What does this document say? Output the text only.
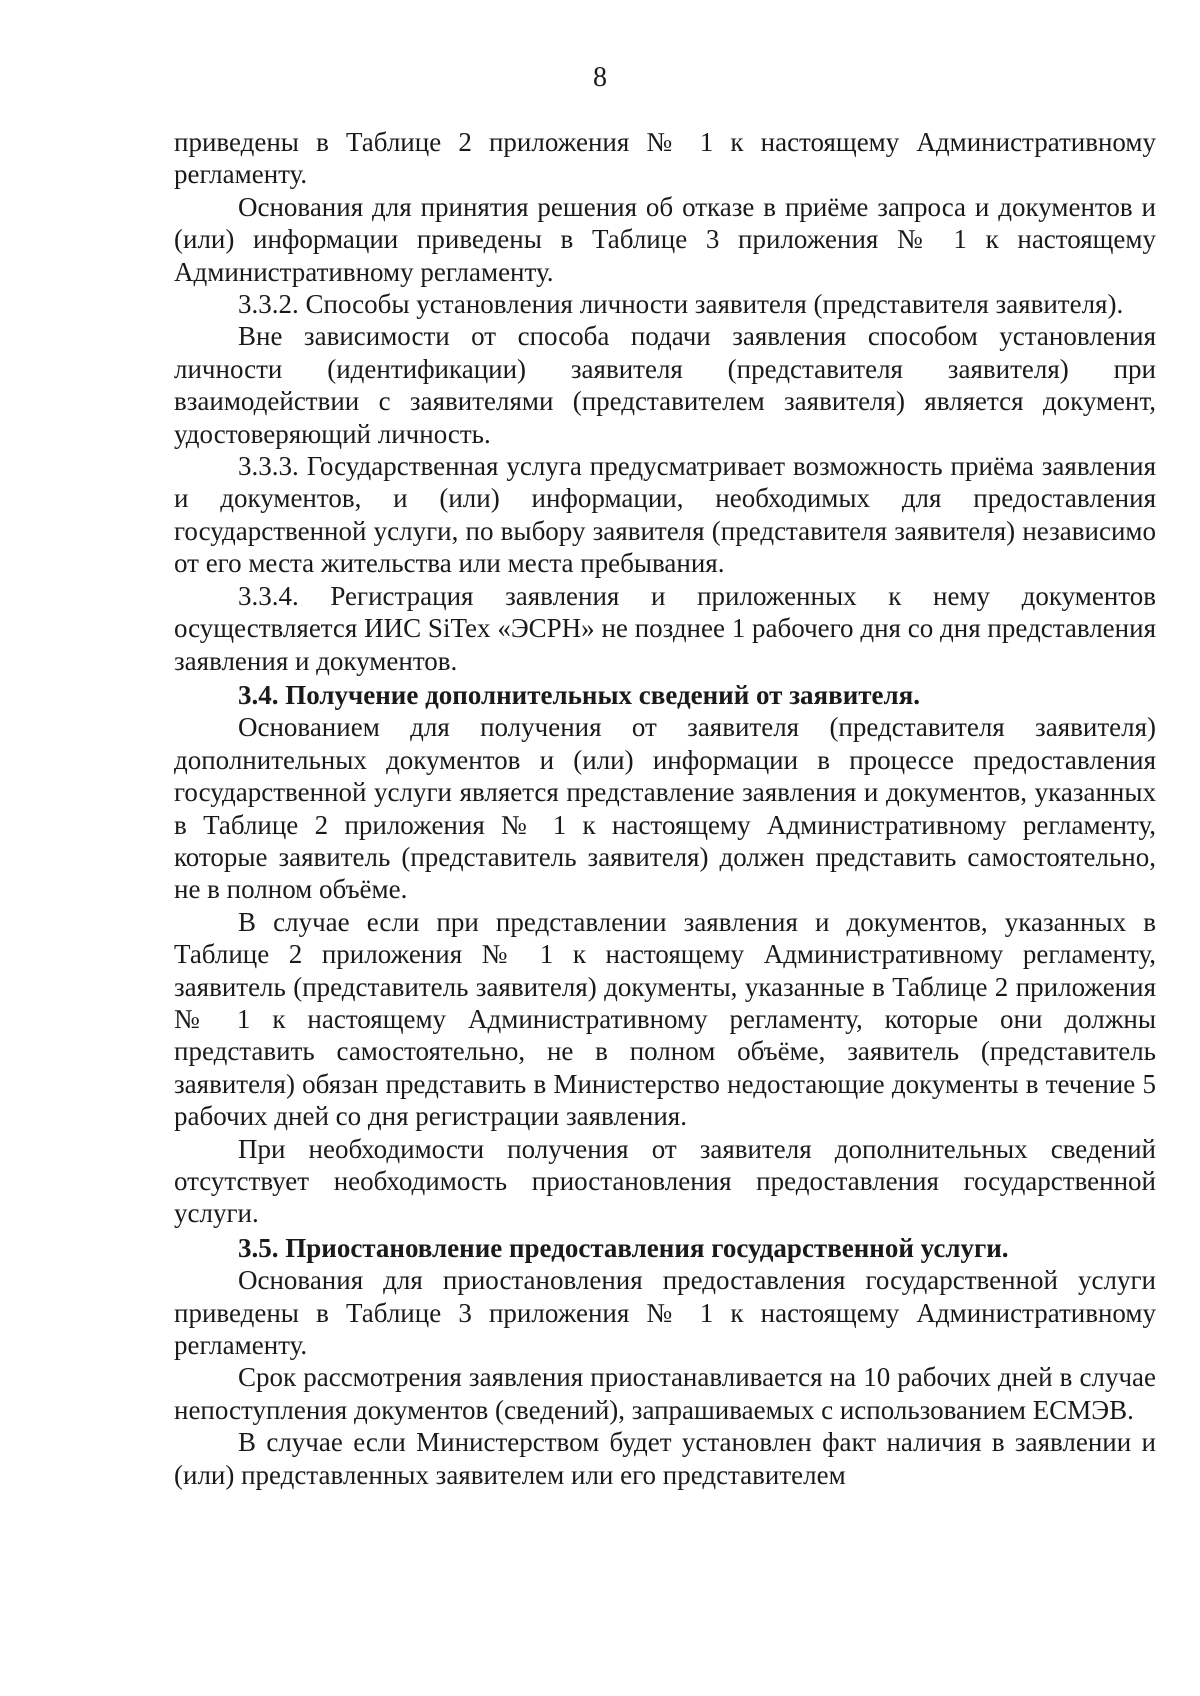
8

приведены в Таблице 2 приложения № 1 к настоящему Административному регламенту.

Основания для принятия решения об отказе в приёме запроса и документов и (или) информации приведены в Таблице 3 приложения № 1 к настоящему Административному регламенту.

3.3.2. Способы установления личности заявителя (представителя заявителя).

Вне зависимости от способа подачи заявления способом установления личности (идентификации) заявителя (представителя заявителя) при взаимодействии с заявителями (представителем заявителя) является документ, удостоверяющий личность.

3.3.3. Государственная услуга предусматривает возможность приёма заявления и документов, и (или) информации, необходимых для предоставления государственной услуги, по выбору заявителя (представителя заявителя) независимо от его места жительства или места пребывания.

3.3.4. Регистрация заявления и приложенных к нему документов осуществляется ИИС SiTex «ЭСРН» не позднее 1 рабочего дня со дня представления заявления и документов.

3.4. Получение дополнительных сведений от заявителя.

Основанием для получения от заявителя (представителя заявителя) дополнительных документов и (или) информации в процессе предоставления государственной услуги является представление заявления и документов, указанных в Таблице 2 приложения № 1 к настоящему Административному регламенту, которые заявитель (представитель заявителя) должен представить самостоятельно, не в полном объёме.

В случае если при представлении заявления и документов, указанных в Таблице 2 приложения № 1 к настоящему Административному регламенту, заявитель (представитель заявителя) документы, указанные в Таблице 2 приложения № 1 к настоящему Административному регламенту, которые они должны представить самостоятельно, не в полном объёме, заявитель (представитель заявителя) обязан представить в Министерство недостающие документы в течение 5 рабочих дней со дня регистрации заявления.

При необходимости получения от заявителя дополнительных сведений отсутствует необходимость приостановления предоставления государственной услуги.

3.5. Приостановление предоставления государственной услуги.

Основания для приостановления предоставления государственной услуги приведены в Таблице 3 приложения № 1 к настоящему Административному регламенту.

Срок рассмотрения заявления приостанавливается на 10 рабочих дней в случае непоступления документов (сведений), запрашиваемых с использованием ЕСМЭВ.

В случае если Министерством будет установлен факт наличия в заявлении и (или) представленных заявителем или его представителем
